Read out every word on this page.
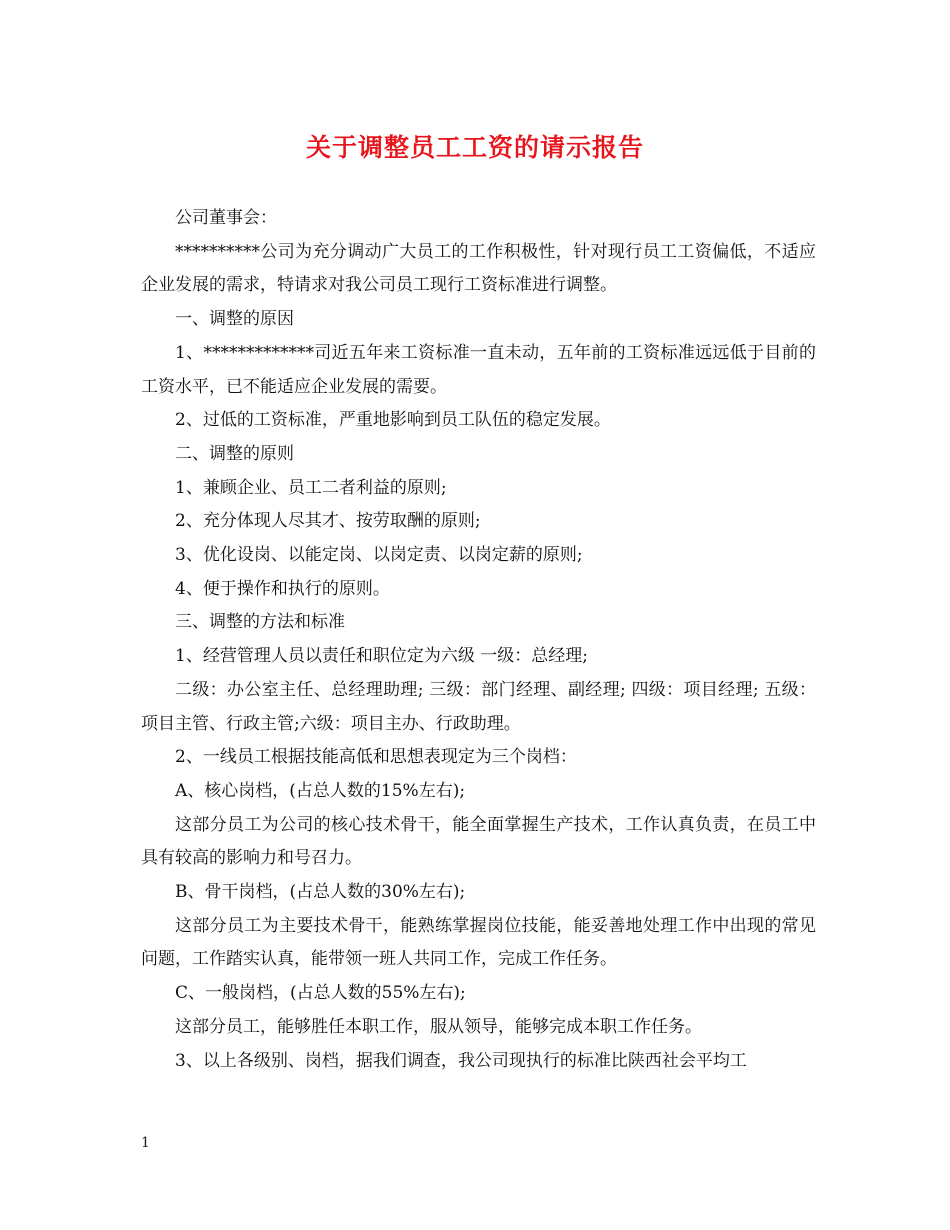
关于调整员工工资的请示报告

公司董事会：

**********公司为充分调动广大员工的工作积极性，针对现行员工工资偏低，不适应企业发展的需求，特请求对我公司员工现行工资标准进行调整。

一、调整的原因

1、*************司近五年来工资标准一直未动，五年前的工资标准远远低于目前的工资水平，已不能适应企业发展的需要。

2、过低的工资标准，严重地影响到员工队伍的稳定发展。

二、调整的原则

1、兼顾企业、员工二者利益的原则;

2、充分体现人尽其才、按劳取酬的原则;

3、优化设岗、以能定岗、以岗定责、以岗定薪的原则;

4、便于操作和执行的原则。

三、调整的方法和标准

1、经营管理人员以责任和职位定为六级 一级：总经理;

二级：办公室主任、总经理助理; 三级：部门经理、副经理; 四级：项目经理; 五级：项目主管、行政主管;六级：项目主办、行政助理。

2、一线员工根据技能高低和思想表现定为三个岗档：

A、核心岗档，(占总人数的15%左右);

这部分员工为公司的核心技术骨干，能全面掌握生产技术，工作认真负责，在员工中具有较高的影响力和号召力。

B、骨干岗档，(占总人数的30%左右);

这部分员工为主要技术骨干，能熟练掌握岗位技能，能妥善地处理工作中出现的常见问题，工作踏实认真，能带领一班人共同工作，完成工作任务。

C、一般岗档，(占总人数的55%左右);

这部分员工，能够胜任本职工作，服从领导，能够完成本职工作任务。

3、以上各级别、岗档，据我们调查，我公司现执行的标准比陕西社会平均工

1
